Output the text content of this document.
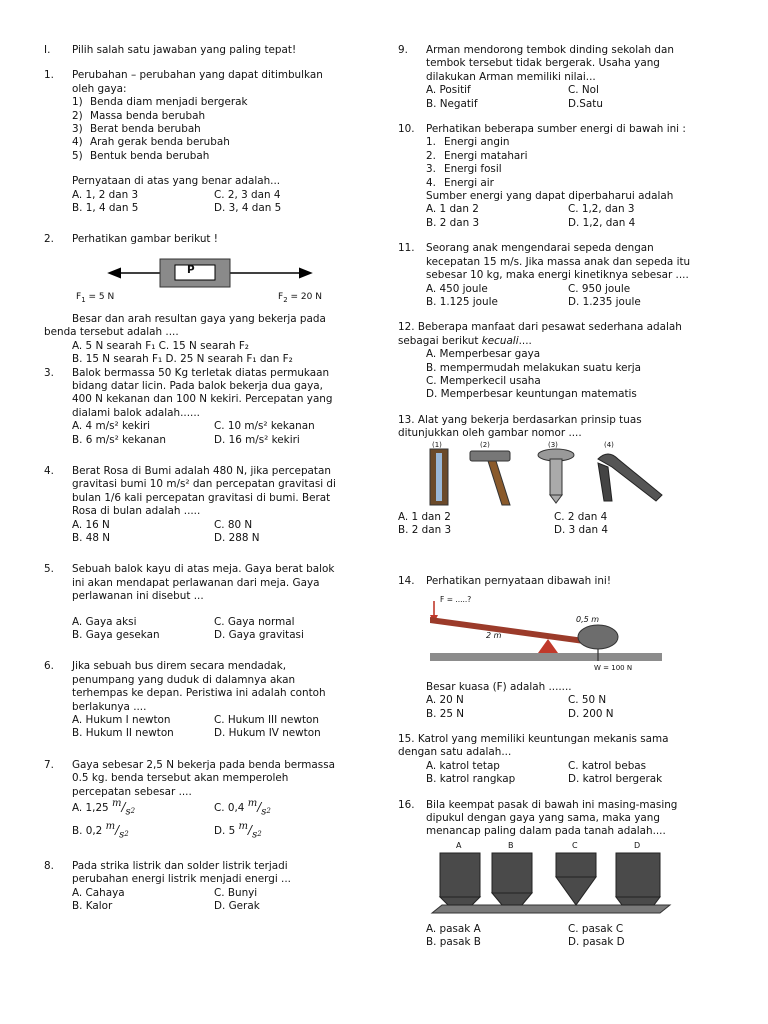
I. Pilih salah satu jawaban yang paling tepat!
1. Perubahan – perubahan yang dapat ditimbulkan
oleh gaya:
1) Benda diam menjadi bergerak
2) Massa benda berubah
3) Berat benda berubah
4) Arah gerak benda berubah
5) Bentuk benda berubah
Pernyataan di atas yang benar adalah...
A. 1, 2 dan 3	C. 2, 3 dan 4
B. 1, 4 dan 5	D. 3, 4 dan 5
2. Perhatikan gambar berikut !
P
$F_1 = 5$ N	$F_2 = 20$ N
Besar dan arah resultan gaya yang bekerja pada
benda tersebut adalah ....
A. 5 N searah F₁ C. 15 N searah F₂
B. 15 N searah F₁ D. 25 N searah F₁ dan F₂
3. Balok bermassa 50 Kg terletak diatas permukaan
bidang datar licin. Pada balok bekerja dua gaya,
400 N kekanan dan 100 N kekiri. Percepatan yang
dialami balok adalah......
A. 4 m/s² kekiri	C. 10 m/s² kekanan
B. 6 m/s² kekanan	D. 16 m/s² kekiri
4. Berat Rosa di Bumi adalah 480 N, jika percepatan
gravitasi bumi 10 m/s² dan percepatan gravitasi di
bulan 1/6 kali percepatan gravitasi di bumi. Berat
Rosa di bulan adalah .....
A. 16 N	C. 80 N
B. 48 N	D. 288 N
5. Sebuah balok kayu di atas meja. Gaya berat balok
ini akan mendapat perlawanan dari meja. Gaya
perlawanan ini disebut ...
A. Gaya aksi	C. Gaya normal
B. Gaya gesekan	D. Gaya gravitasi
6. Jika sebuah bus direm secara mendadak,
penumpang yang duduk di dalamnya akan
terhempas ke depan. Peristiwa ini adalah contoh
berlakunya ....
A. Hukum I newton	C. Hukum III newton
B. Hukum II newton	D. Hukum IV newton
7. Gaya sebesar 2,5 N bekerja pada benda bermassa
0.5 kg. benda tersebut akan memperoleh
percepatan sebesar ....
A. 1,25 $^m/_s2$	C. 0,4 $^m/_s2$
B. 0,2 $^m/_s2$	D. 5 $^m/_s2$
8. Pada strika listrik dan solder listrik terjadi
perubahan energi listrik menjadi energi ...
A. Cahaya	C. Bunyi
B. Kalor	D. Gerak
9. Arman mendorong tembok dinding sekolah dan
tembok tersebut tidak bergerak. Usaha yang
dilakukan Arman memiliki nilai...
A. Positif	C. Nol
B. Negatif	D.Satu
10. Perhatikan beberapa sumber energi di bawah ini :
1. Energi angin
2. Energi matahari
3. Energi fosil
4. Energi air
Sumber energi yang dapat diperbaharui adalah
A. 1 dan 2	C. 1,2, dan 3
B. 2 dan 3	D. 1,2, dan 4
11. Seorang anak mengendarai sepeda dengan
kecepatan 15 m/s. Jika massa anak dan sepeda itu
sebesar 10 kg, maka energi kinetiknya sebesar ....
A. 450 joule	C. 950 joule
B. 1.125 joule	D. 1.235 joule
12. Beberapa manfaat dari pesawat sederhana adalah
sebagai berikut kecuali....
A. Memperbesar gaya
B. mempermudah melakukan suatu kerja
C. Memperkecil usaha
D. Memperbesar keuntungan matematis
13. Alat yang bekerja berdasarkan prinsip tuas
ditunjukkan oleh gambar nomor ....
(1)	(2)	(3)	(4)
A. 1 dan 2	C. 2 dan 4
B. 2 dan 3	D. 3 dan 4
14. Perhatikan pernyataan dibawah ini!
F = .....?
2 m
0,5 m
W = 100 N
Besar kuasa (F) adalah .......
A. 20 N	C. 50 N
B. 25 N	D. 200 N
15. Katrol yang memiliki keuntungan mekanis sama
dengan satu adalah...
A. katrol tetap	C. katrol bebas
B. katrol rangkap	D. katrol bergerak
16. Bila keempat pasak di bawah ini masing-masing
dipukul dengan gaya yang sama, maka yang
menancap paling dalam pada tanah adalah....
A	B	C	D
A. pasak A	C. pasak C
B. pasak B	D. pasak D
